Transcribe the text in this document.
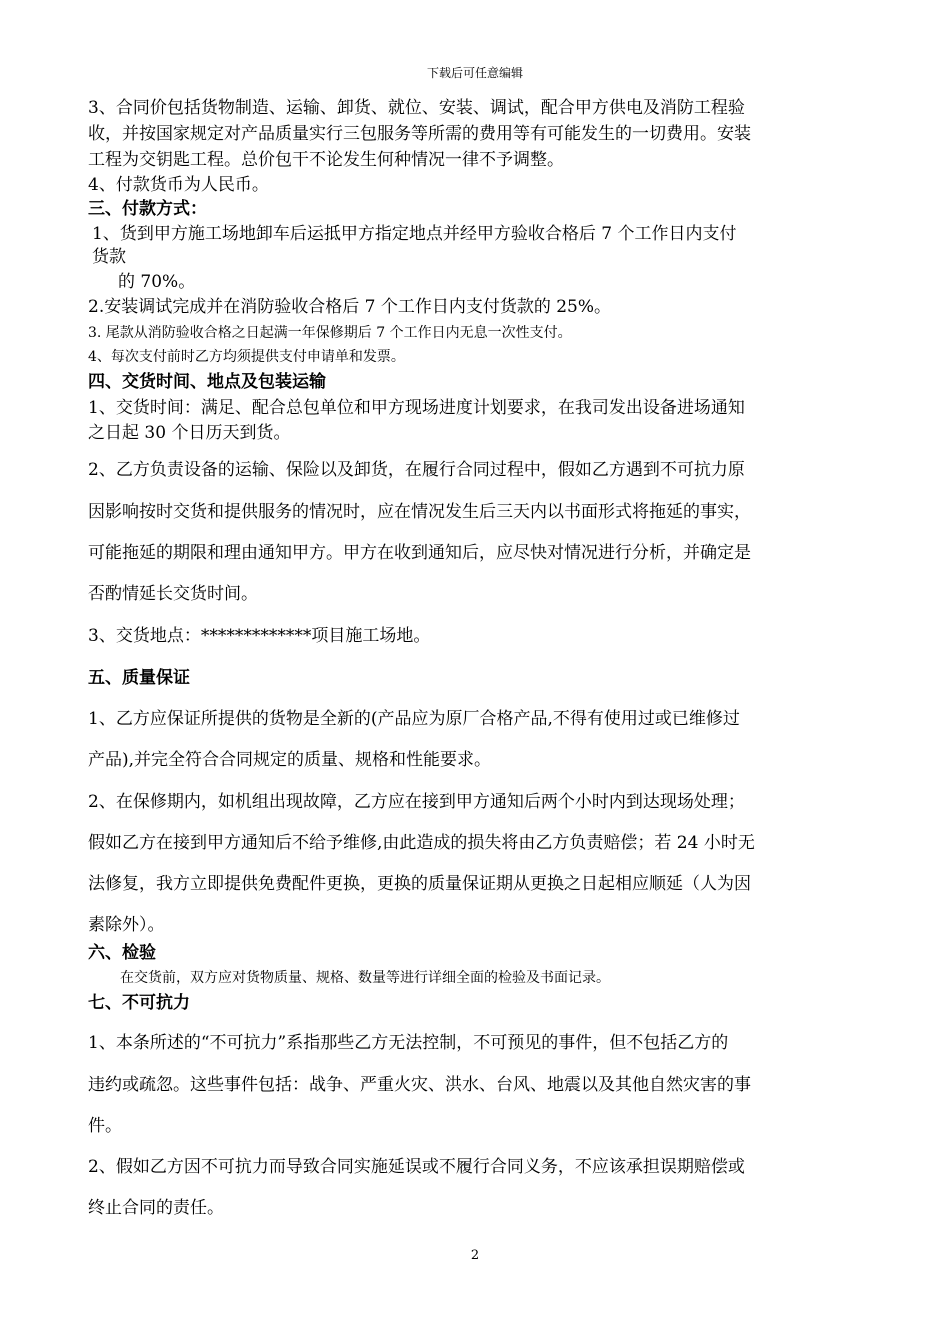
下载后可任意编辑
3、合同价包括货物制造、运输、卸货、就位、安装、调试，配合甲方供电及消防工程验
收，并按国家规定对产品质量实行三包服务等所需的费用等有可能发生的一切费用。安装
工程为交钥匙工程。总价包干不论发生何种情况一律不予调整。
4、付款货币为人民币。
三、付款方式：
1、货到甲方施工场地卸车后运抵甲方指定地点并经甲方验收合格后 7 个工作日内支付
货款
的 70%。
2.安装调试完成并在消防验收合格后 7 个工作日内支付货款的 25%。
3. 尾款从消防验收合格之日起满一年保修期后 7 个工作日内无息一次性支付。
4、每次支付前时乙方均须提供支付申请单和发票。
四、交货时间、地点及包装运输
1、交货时间：满足、配合总包单位和甲方现场进度计划要求，在我司发出设备进场通知
之日起 30 个日历天到货。
2、乙方负责设备的运输、保险以及卸货，在履行合同过程中，假如乙方遇到不可抗力原
因影响按时交货和提供服务的情况时，应在情况发生后三天内以书面形式将拖延的事实，
可能拖延的期限和理由通知甲方。甲方在收到通知后，应尽快对情况进行分析，并确定是
否酌情延长交货时间。
3、交货地点：*************项目施工场地。
五、质量保证
1、乙方应保证所提供的货物是全新的(产品应为原厂合格产品,不得有使用过或已维修过
产品),并完全符合合同规定的质量、规格和性能要求。
2、在保修期内，如机组出现故障，乙方应在接到甲方通知后两个小时内到达现场处理；
假如乙方在接到甲方通知后不给予维修,由此造成的损失将由乙方负责赔偿；若 24 小时无
法修复，我方立即提供免费配件更换，更换的质量保证期从更换之日起相应顺延（人为因
素除外）。
六、检验
在交货前，双方应对货物质量、规格、数量等进行详细全面的检验及书面记录。
七、不可抗力
1、本条所述的“不可抗力”系指那些乙方无法控制，不可预见的事件，但不包括乙方的
违约或疏忽。这些事件包括：战争、严重火灾、洪水、台风、地震以及其他自然灾害的事
件。
2、假如乙方因不可抗力而导致合同实施延误或不履行合同义务，不应该承担误期赔偿或
终止合同的责任。
2
